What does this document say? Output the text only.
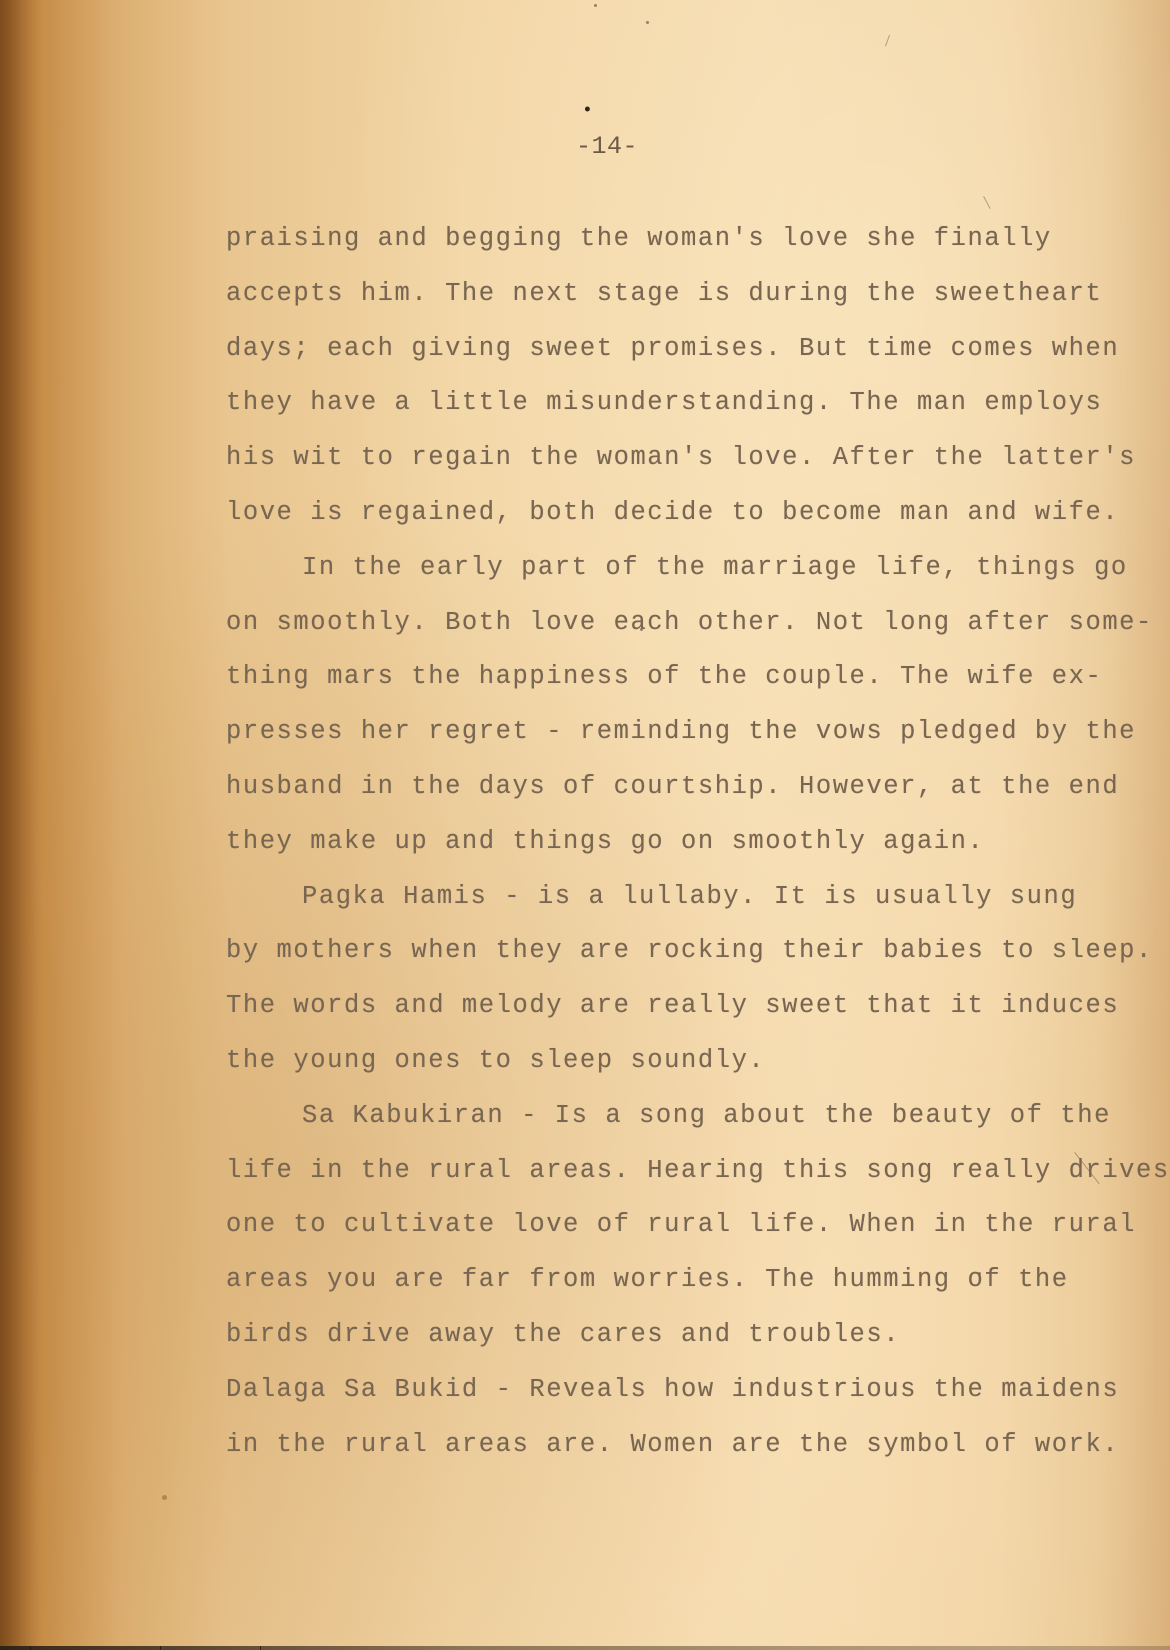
•
-14-
praising and begging the woman's love she finally
accepts him. The next stage is during the sweetheart
days; each giving sweet promises. But time comes when
they have a little misunderstanding. The man employs
his wit to regain the woman's love. After the latter's
love is regained, both decide to become man and wife.
In the early part of the marriage life, things go
on smoothly. Both love each other. Not long after some-
thing mars the happiness of the couple. The wife ex-
presses her regret - reminding the vows pledged by the
husband in the days of courtship. However, at the end
they make up and things go on smoothly again.
Pagka Hamis - is a lullaby. It is usually sung
by mothers when they are rocking their babies to sleep.
The words and melody are really sweet that it induces
the young ones to sleep soundly.
Sa Kabukiran - Is a song about the beauty of the
life in the rural areas. Hearing this song really drives
one to cultivate love of rural life. When in the rural
areas you are far from worries. The humming of the
birds drive away the cares and troubles.
Dalaga Sa Bukid - Reveals how industrious the maidens
in the rural areas are. Women are the symbol of work.
